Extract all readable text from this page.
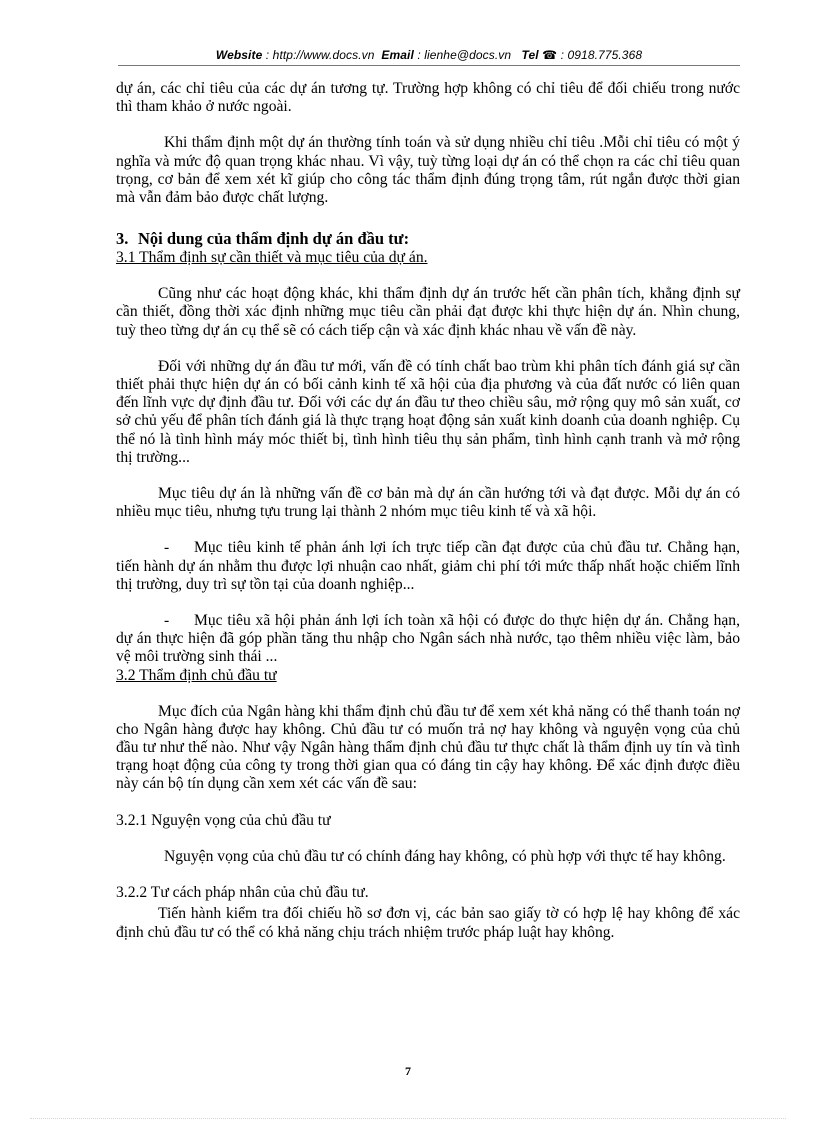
Website : http://www.docs.vn Email : lienhe@docs.vn Tel ☎ : 0918.775.368

dự án, các chỉ tiêu của các dự án tương tự. Trường hợp không có chỉ tiêu để đối chiếu trong nước thì tham khảo ở nước ngoài.

Khi thẩm định một dự án thường tính toán và sử dụng nhiều chỉ tiêu .Mỗi chỉ tiêu có một ý nghĩa và mức độ quan trọng khác nhau. Vì vậy, tuỳ từng loại dự án có thể chọn ra các chỉ tiêu quan trọng, cơ bản để xem xét kĩ giúp cho công tác thẩm định đúng trọng tâm, rút ngắn được thời gian mà vẫn đảm bảo được chất lượng.

3. Nội dung của thẩm định dự án đầu tư:

3.1 Thẩm định sự cần thiết và mục tiêu của dự án.

Cũng như các hoạt động khác, khi thẩm định dự án trước hết cần phân tích, khẳng định sự cần thiết, đồng thời xác định những mục tiêu cần phải đạt được khi thực hiện dự án. Nhìn chung, tuỳ theo từng dự án cụ thể sẽ có cách tiếp cận và xác định khác nhau về vấn đề này.

Đối với những dự án đầu tư mới, vấn đề có tính chất bao trùm khi phân tích đánh giá sự cần thiết phải thực hiện dự án có bối cảnh kinh tế xã hội của địa phương và của đất nước có liên quan đến lĩnh vực dự định đầu tư. Đối với các dự án đầu tư theo chiều sâu, mở rộng quy mô sản xuất, cơ sở chủ yếu để phân tích đánh giá là thực trạng hoạt động sản xuất kinh doanh của doanh nghiệp. Cụ thể nó là tình hình máy móc thiết bị, tình hình tiêu thụ sản phẩm, tình hình cạnh tranh và mở rộng thị trường...

Mục tiêu dự án là những vấn đề cơ bản mà dự án cần hướng tới và đạt được. Mỗi dự án có nhiều mục tiêu, nhưng tựu trung lại thành 2 nhóm mục tiêu kinh tế và xã hội.

- Mục tiêu kinh tế phản ánh lợi ích trực tiếp cần đạt được của chủ đầu tư. Chẳng hạn, tiến hành dự án nhằm thu được lợi nhuận cao nhất, giảm chi phí tới mức thấp nhất hoặc chiếm lĩnh thị trường, duy trì sự tồn tại của doanh nghiệp...

- Mục tiêu xã hội phản ánh lợi ích toàn xã hội có được do thực hiện dự án. Chẳng hạn, dự án thực hiện đã góp phần tăng thu nhập cho Ngân sách nhà nước, tạo thêm nhiều việc làm, bảo vệ môi trường sinh thái ...

3.2 Thẩm định chủ đầu tư

Mục đích của Ngân hàng khi thẩm định chủ đầu tư để xem xét khả năng có thể thanh toán nợ cho Ngân hàng được hay không. Chủ đầu tư có muốn trả nợ hay không và nguyện vọng của chủ đầu tư như thế nào. Như vậy Ngân hàng thẩm định chủ đầu tư thực chất là thẩm định uy tín và tình trạng hoạt động của công ty trong thời gian qua có đáng tin cậy hay không. Để xác định được điều này cán bộ tín dụng cần xem xét các vấn đề sau:

3.2.1 Nguyện vọng của chủ đầu tư

Nguyện vọng của chủ đầu tư có chính đáng hay không, có phù hợp với thực tế hay không.

3.2.2 Tư cách pháp nhân của chủ đầu tư.

Tiến hành kiểm tra đối chiếu hồ sơ đơn vị, các bản sao giấy tờ có hợp lệ hay không để xác định chủ đầu tư có thể có khả năng chịu trách nhiệm trước pháp luật hay không.

7
